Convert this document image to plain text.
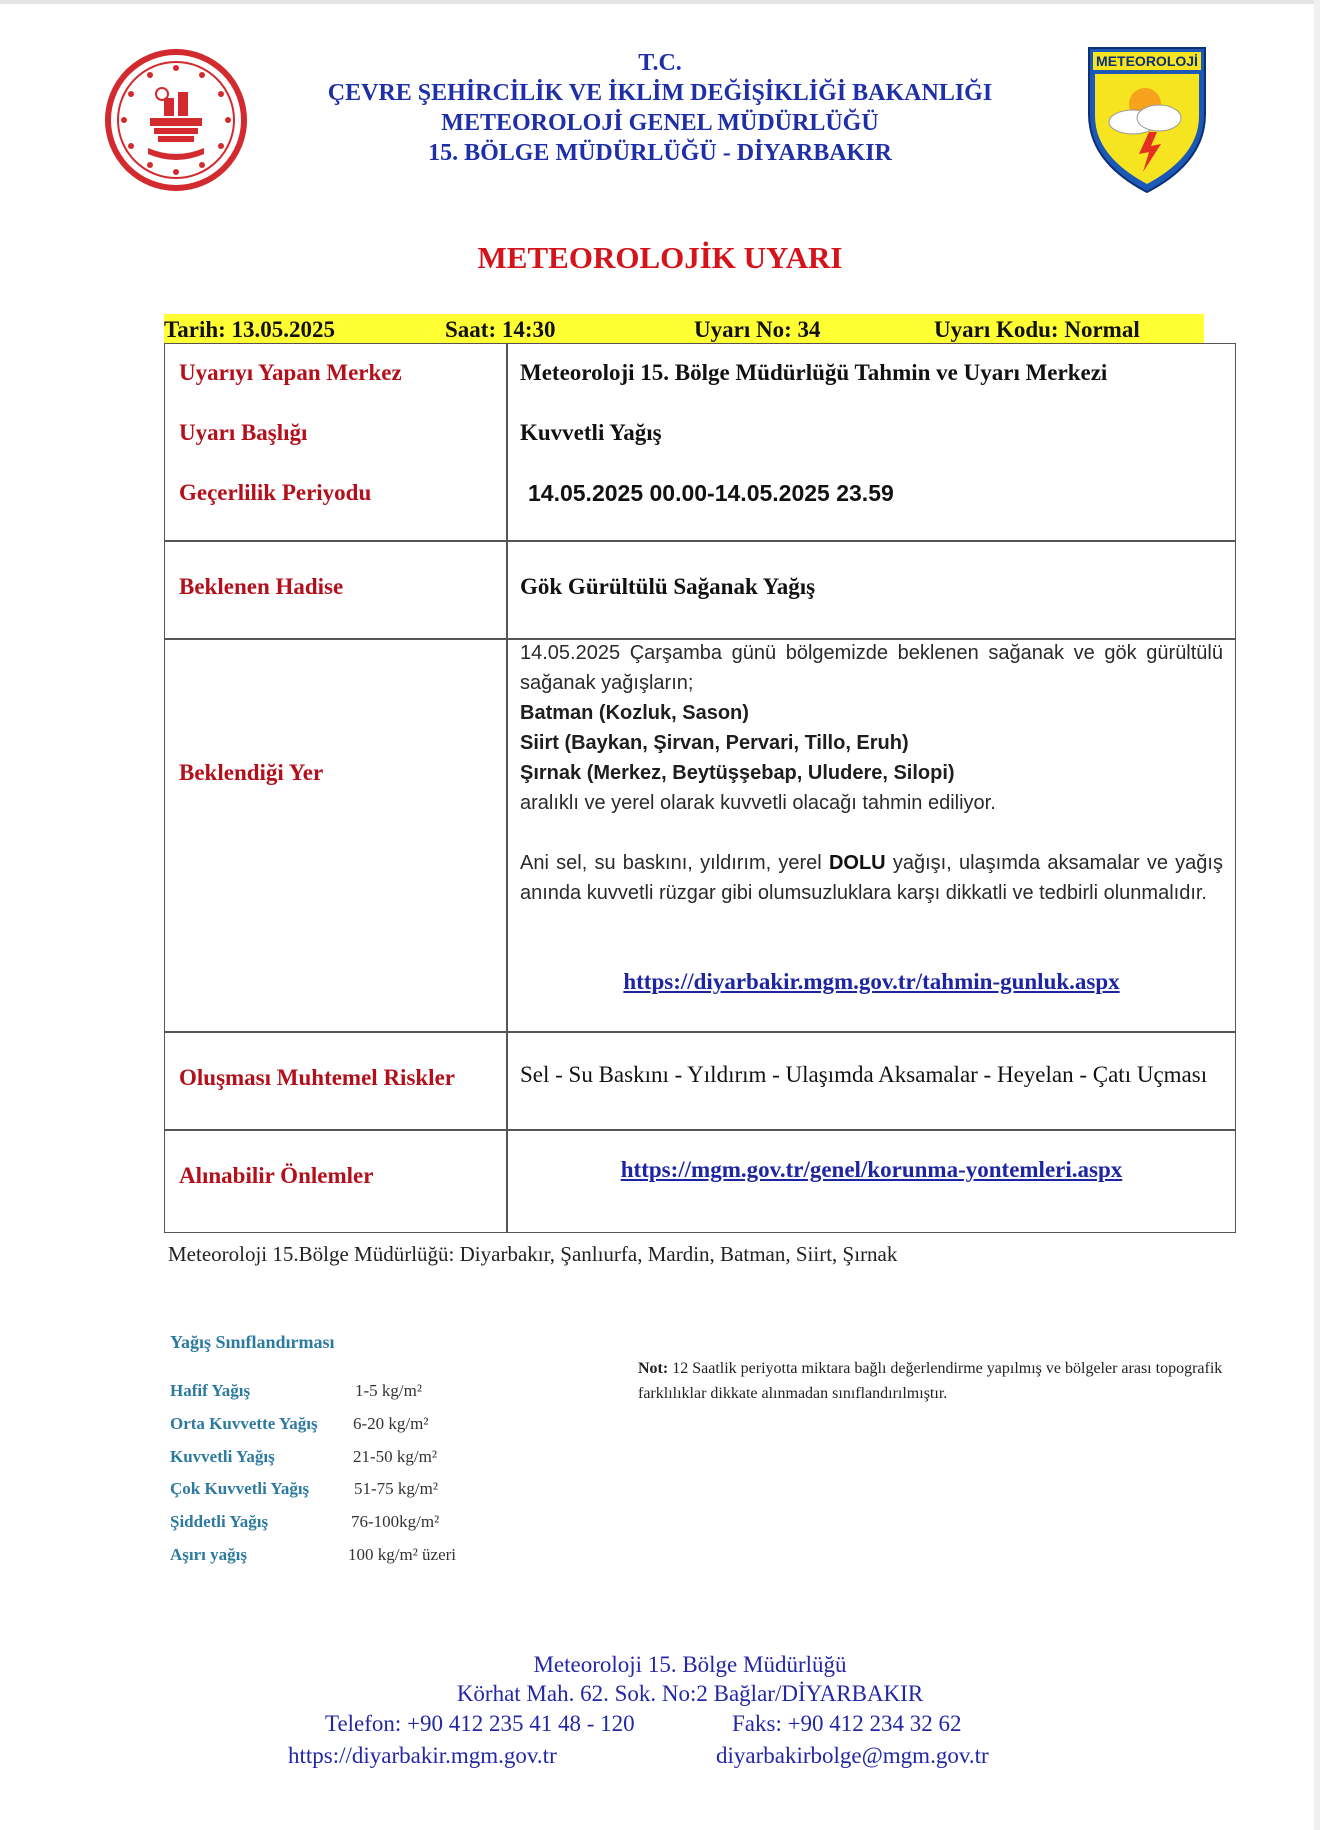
METEOROLOJİ
T.C.
ÇEVRE ŞEHİRCİLİK VE İKLİM DEĞİŞİKLİĞİ BAKANLIĞI
METEOROLOJİ GENEL MÜDÜRLÜĞÜ
15. BÖLGE MÜDÜRLÜĞÜ - DİYARBAKIR
METEOROLOJİK UYARI
Tarih: 13.05.2025	Saat: 14:30	Uyarı No: 34	Uyarı Kodu: Normal
Uyarıyı Yapan Merkez	Meteoroloji 15. Bölge Müdürlüğü Tahmin ve Uyarı Merkezi
Uyarı Başlığı	Kuvvetli Yağış
Geçerlilik Periyodu	14.05.2025 00.00-14.05.2025 23.59
Beklenen Hadise	Gök Gürültülü Sağanak Yağış
Beklendiği Yer

14.05.2025 Çarşamba günü bölgemizde beklenen sağanak ve gök gürültülü sağanak yağışların;

Batman (Kozluk, Sason)

Siirt (Baykan, Şirvan, Pervari, Tillo, Eruh)

Şırnak (Merkez, Beytüşşebap, Uludere, Silopi)

aralıklı ve yerel olarak kuvvetli olacağı tahmin ediliyor.

Ani sel, su baskını, yıldırım, yerel DOLU yağışı, ulaşımda aksamalar ve yağış anında kuvvetli rüzgar gibi olumsuzluklara karşı dikkatli ve tedbirli olunmalıdır.

https://diyarbakir.mgm.gov.tr/tahmin-gunluk.aspx
Oluşması Muhtemel Riskler	Sel - Su Baskını - Yıldırım - Ulaşımda Aksamalar - Heyelan - Çatı Uçması
Alınabilir Önlemler	https://mgm.gov.tr/genel/korunma-yontemleri.aspx
Meteoroloji 15.Bölge Müdürlüğü: Diyarbakır, Şanlıurfa, Mardin, Batman, Siirt, Şırnak
Yağış Sınıflandırması
Hafif Yağış	1-5 kg/m²
Orta Kuvvette Yağış 6-20 kg/m²
Kuvvetli Yağış	21-50 kg/m²
Çok Kuvvetli Yağış	51-75 kg/m²
Şiddetli Yağış	76-100kg/m²
Aşırı yağış	100 kg/m² üzeri
Not: 12 Saatlik periyotta miktara bağlı değerlendirme yapılmış ve bölgeler arası topografik farklılıklar dikkate alınmadan sınıflandırılmıştır.
Meteoroloji 15. Bölge Müdürlüğü
Körhat Mah. 62. Sok. No:2 Bağlar/DİYARBAKIR
Telefon: +90 412 235 41 48 - 120	Faks: +90 412 234 32 62
https://diyarbakir.mgm.gov.tr	diyarbakirbolge@mgm.gov.tr
